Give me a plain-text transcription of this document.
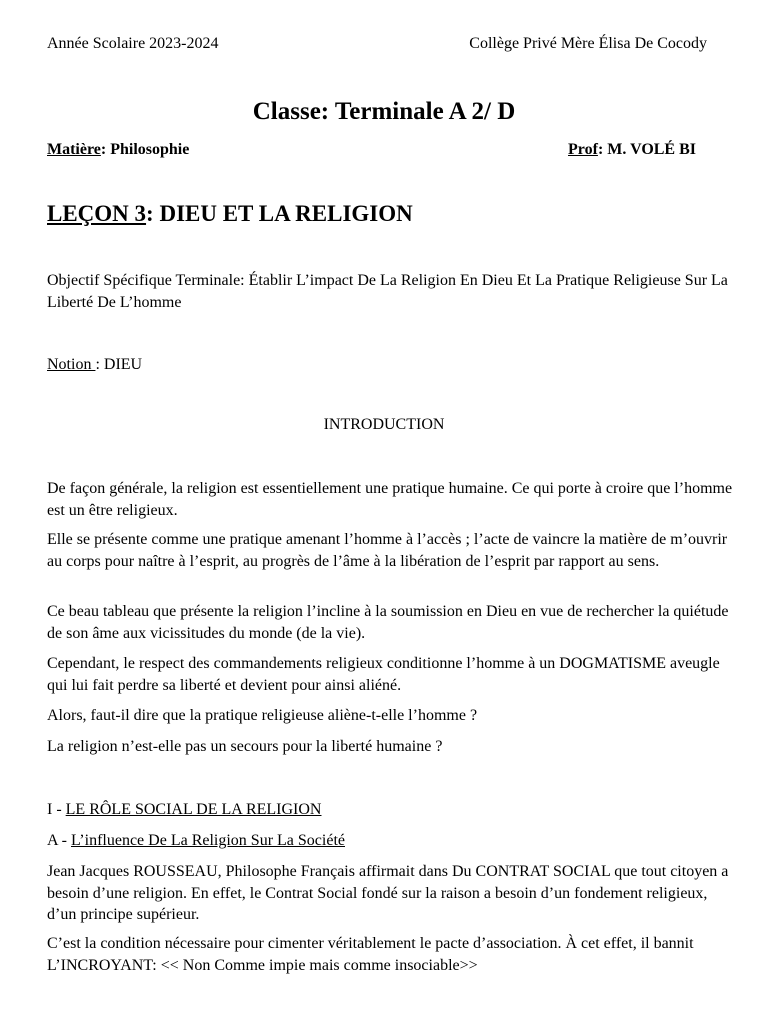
Année Scolaire 2023-2024	Collège Privé Mère Élisa De Cocody
Classe: Terminale A 2/ D
Matière: Philosophie	Prof: M. VOLÉ BI
LEÇON 3: DIEU ET LA RELIGION

Objectif Spécifique Terminale: Établir L’impact De La Religion En Dieu Et La Pratique Religieuse Sur La Liberté De L’homme

Notion : DIEU
INTRODUCTION

De façon générale, la religion est essentiellement une pratique humaine. Ce qui porte à croire que l’homme est un être religieux.

Elle se présente comme une pratique amenant l’homme à l’accès ; l’acte de vaincre la matière de m’ouvrir au corps pour naître à l’esprit, au progrès de l’âme à la libération de l’esprit par rapport au sens.

Ce beau tableau que présente la religion l’incline à la soumission en Dieu en vue de rechercher la quiétude de son âme aux vicissitudes du monde (de la vie).

Cependant, le respect des commandements religieux conditionne l’homme à un DOGMATISME aveugle qui lui fait perdre sa liberté et devient pour ainsi aliéné.

Alors, faut-il dire que la pratique religieuse aliène-t-elle l’homme ?

La religion n’est-elle pas un secours pour la liberté humaine ?

I - LE RÔLE SOCIAL DE LA RELIGION
A - L’influence De La Religion Sur La Société

Jean Jacques ROUSSEAU, Philosophe Français affirmait dans Du CONTRAT SOCIAL que tout citoyen a besoin d’une religion. En effet, le Contrat Social fondé sur la raison a besoin d’un fondement religieux, d’un principe supérieur.

C’est la condition nécessaire pour cimenter véritablement le pacte d’association. À cet effet, il bannit L’INCROYANT: << Non Comme impie mais comme insociable>>
